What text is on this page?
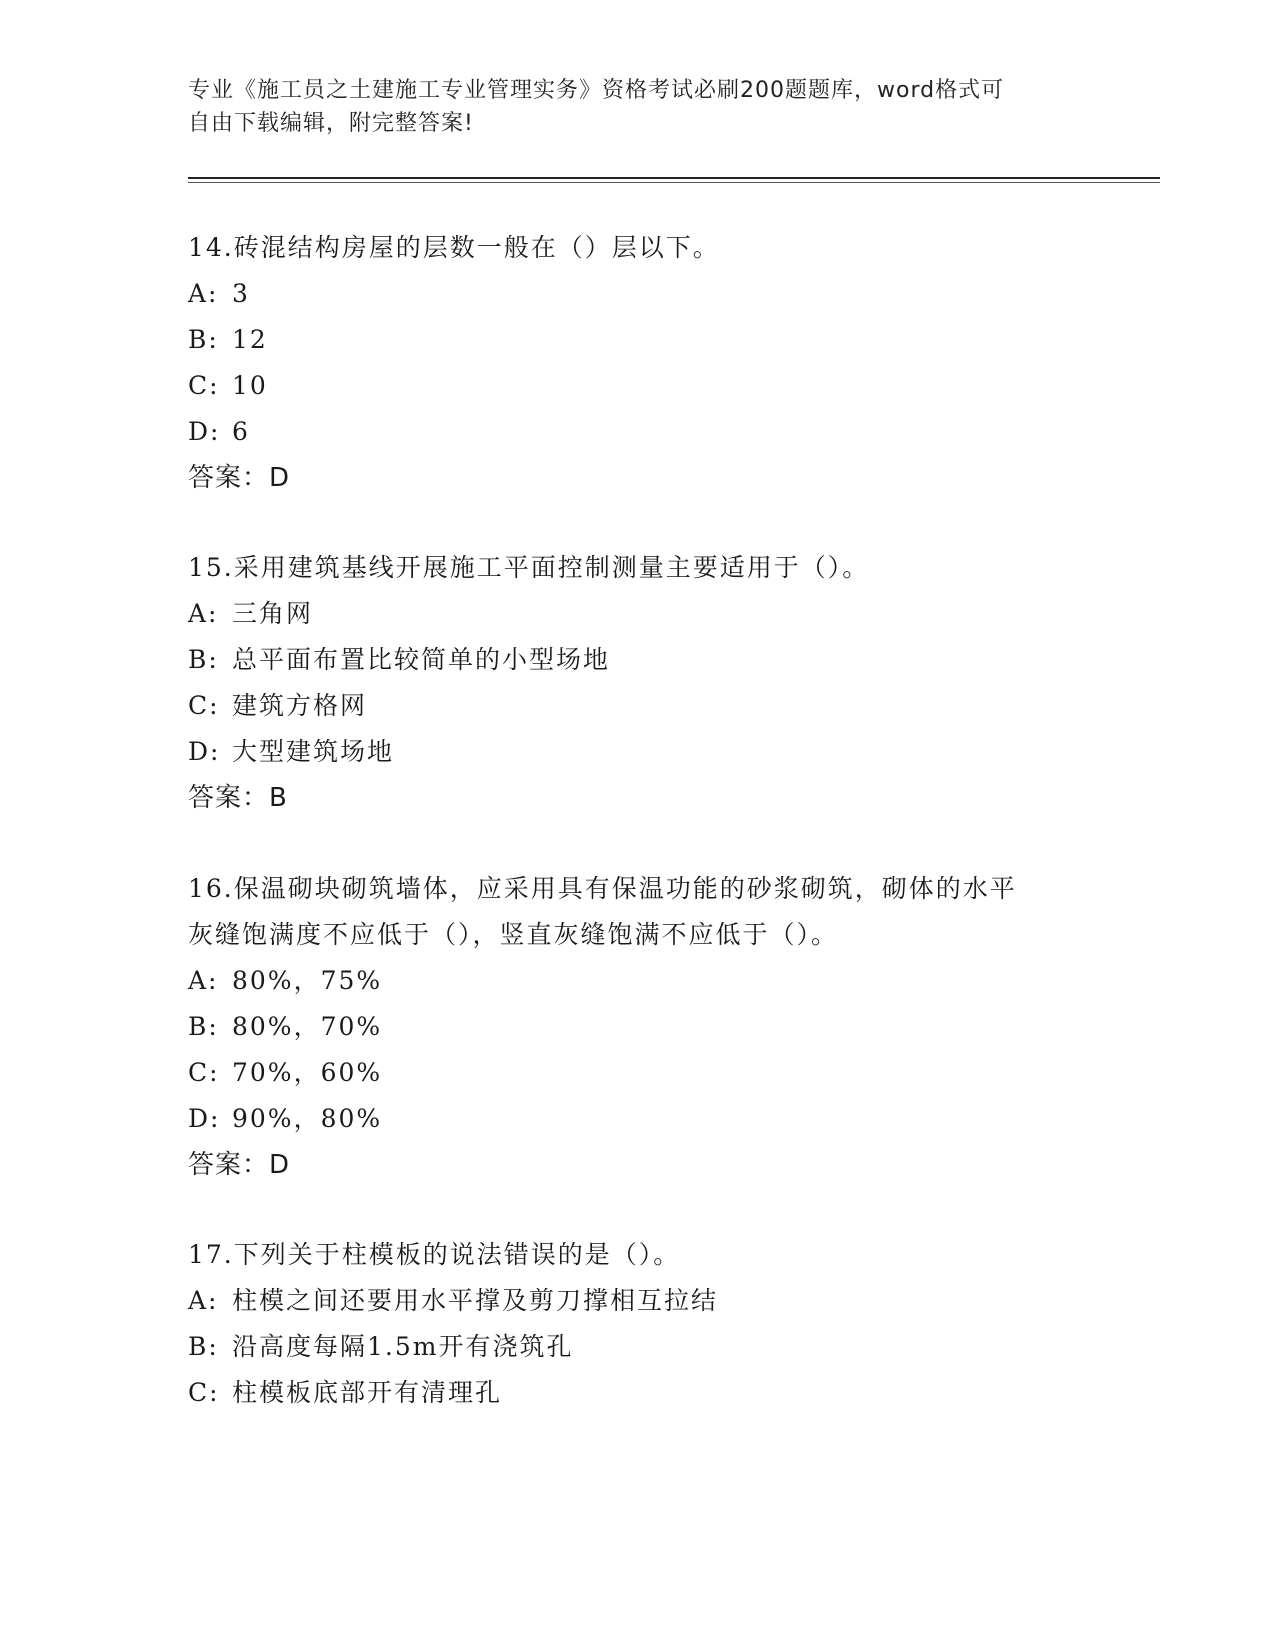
专业《施工员之土建施工专业管理实务》资格考试必刷200题题库，word格式可
自由下载编辑，附完整答案!
14.砖混结构房屋的层数一般在（）层以下。
A: 3
B: 12
C: 10
D: 6
答案：D
15.采用建筑基线开展施工平面控制测量主要适用于（）。
A: 三角网
B: 总平面布置比较简单的小型场地
C: 建筑方格网
D: 大型建筑场地
答案：B
16.保温砌块砌筑墙体，应采用具有保温功能的砂浆砌筑，砌体的水平
灰缝饱满度不应低于（），竖直灰缝饱满不应低于（）。
A: 80%，75%
B: 80%，70%
C: 70%，60%
D: 90%，80%
答案：D
17.下列关于柱模板的说法错误的是（）。
A: 柱模之间还要用水平撑及剪刀撑相互拉结
B: 沿高度每隔1.5m开有浇筑孔
C: 柱模板底部开有清理孔
